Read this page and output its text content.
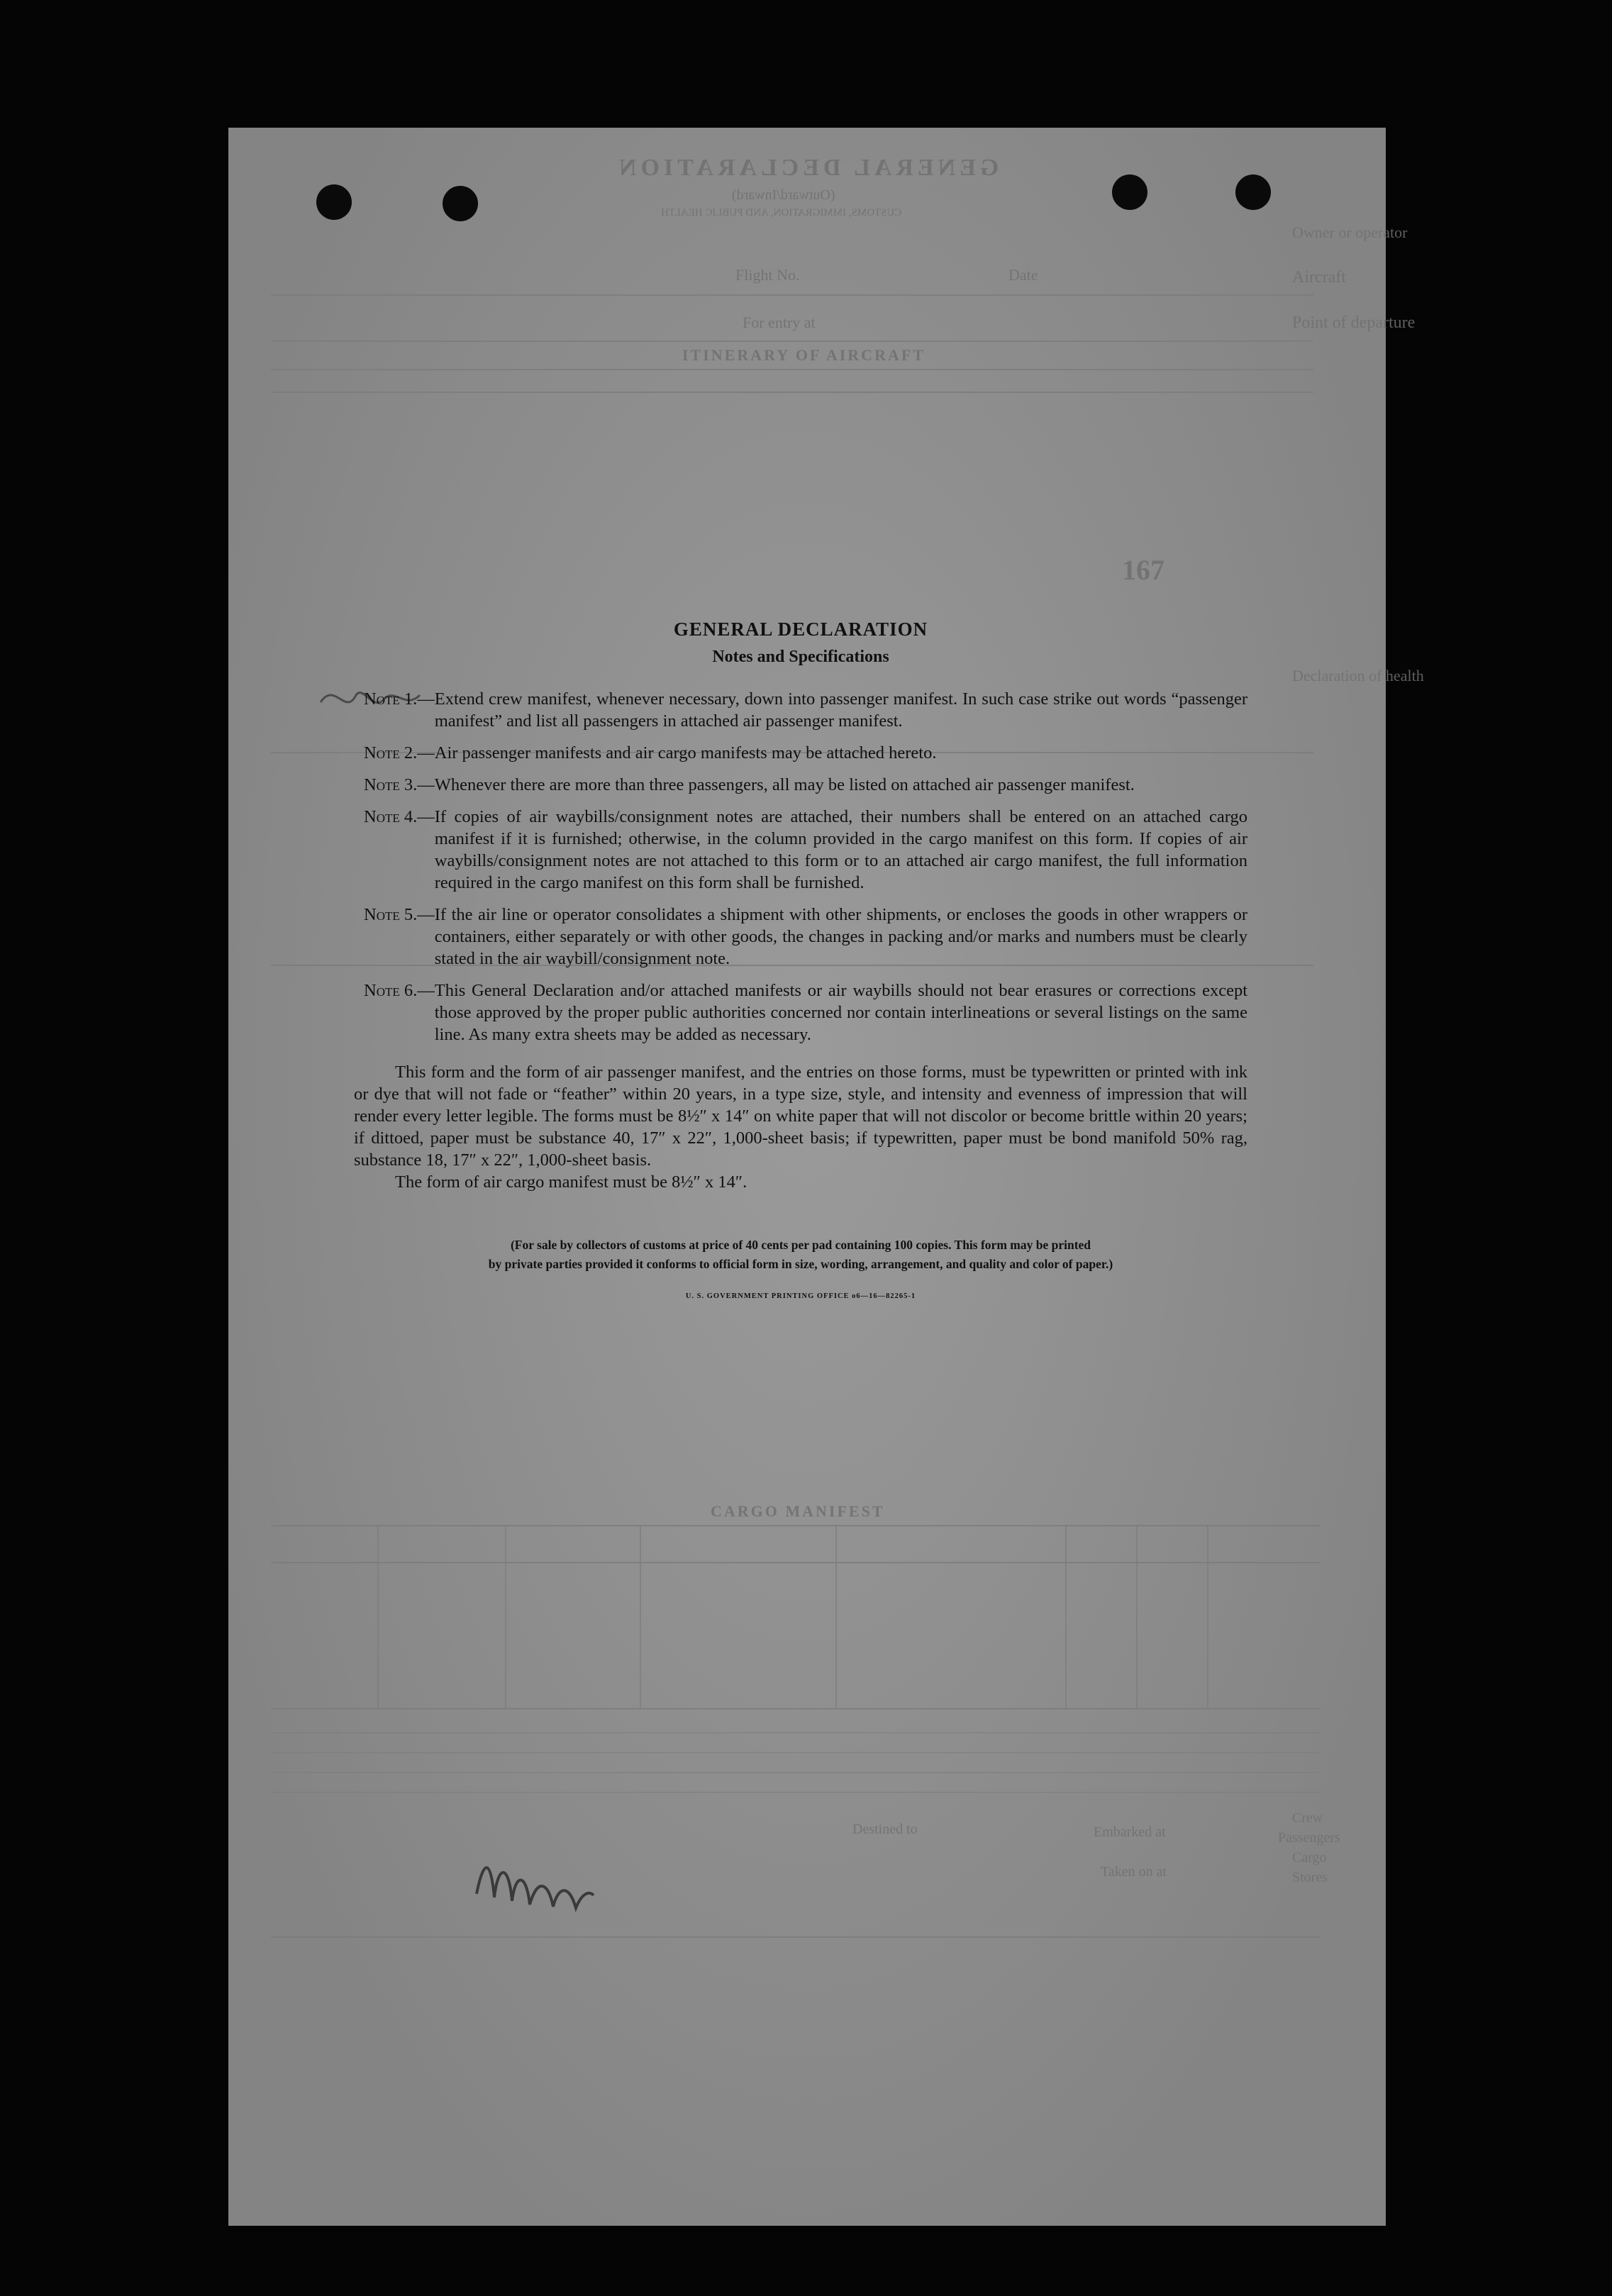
GENERAL DECLARATION
(Outward/Inward)
CUSTOMS, IMMIGRATION, AND PUBLIC HEALTH
Owner or operator
Aircraft
Flight No.	Date
Point of departure
For entry at
ITINERARY OF AIRCRAFT
167
Declaration of health
CARGO MANIFEST
Crew
Passengers
Cargo
Stores
Embarked at
Destined to
Taken on at

GENERAL DECLARATION

Notes and Specifications

Note 1.— Extend crew manifest, whenever necessary, down into passenger manifest. In such case strike out words “passenger manifest” and list all passengers in attached air passenger manifest.
Note 2.— Air passenger manifests and air cargo manifests may be attached hereto.
Note 3.— Whenever there are more than three passengers, all may be listed on attached air passenger manifest.
Note 4.— If copies of air waybills/consignment notes are attached, their numbers shall be entered on an attached cargo manifest if it is furnished; otherwise, in the column provided in the cargo manifest on this form. If copies of air waybills/consignment notes are not attached to this form or to an attached air cargo manifest, the full information required in the cargo manifest on this form shall be furnished.
Note 5.— If the air line or operator consolidates a shipment with other shipments, or encloses the goods in other wrappers or containers, either separately or with other goods, the changes in packing and/or marks and numbers must be clearly stated in the air waybill/consignment note.
Note 6.— This General Declaration and/or attached manifests or air waybills should not bear erasures or corrections except those approved by the proper public authorities concerned nor contain interlineations or several listings on the same line. As many extra sheets may be added as necessary.

This form and the form of air passenger manifest, and the entries on those forms, must be typewritten or printed with ink or dye that will not fade or “feather” within 20 years, in a type size, style, and intensity and evenness of impression that will render every letter legible. The forms must be 8½″ x 14″ on white paper that will not discolor or become brittle within 20 years; if dittoed, paper must be substance 40, 17″ x 22″, 1,000-sheet basis; if typewritten, paper must be bond manifold 50% rag, substance 18, 17″ x 22″, 1,000-sheet basis.

The form of air cargo manifest must be 8½″ x 14″.

(For sale by collectors of customs at price of 40 cents per pad containing 100 copies. This form may be printed
by private parties provided it conforms to official form in size, wording, arrangement, and quality and color of paper.)
U. S. GOVERNMENT PRINTING OFFICE o6—16—82265-1
